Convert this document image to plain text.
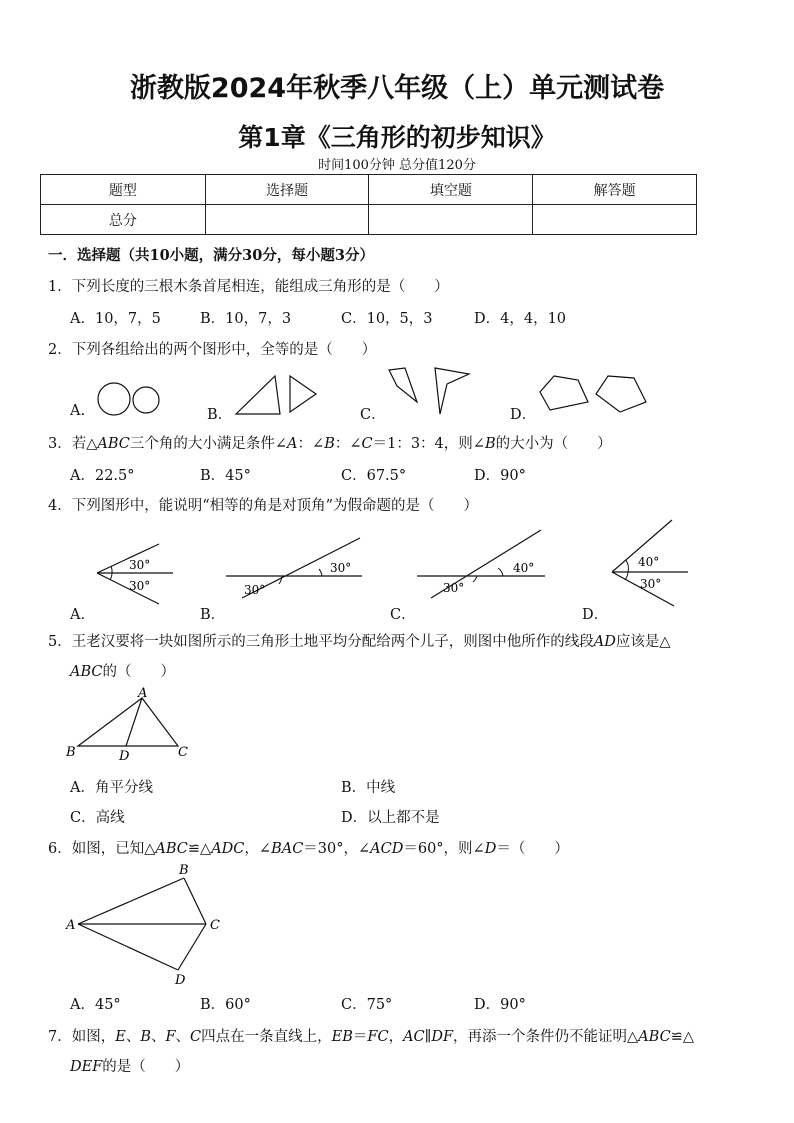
浙教版2024年秋季八年级（上）单元测试卷
第1章《三角形的初步知识》
时间100分钟 总分值120分
题型	选择题	填空题	解答题
总分			
一．选择题（共10小题，满分30分，每小题3分）
1．下列长度的三根木条首尾相连，能组成三角形的是（　　）
A．10，7，5	B．10，7，3	C．10，5，3	D．4，4，10
2．下列各组给出的两个图形中，全等的是（　　）
A.	B．	C．	D．
3．若△ABC三个角的大小满足条件∠A：∠B：∠C＝1：3：4，则∠B的大小为（　　）
A．22.5°	B．45°	C．67.5°	D．90°
4．下列图形中，能说明“相等的角是对顶角”为假命题的是（　　）
A．	B．	C．	D．
30°
30°	30°
30°
30°
40°	40°
30°
5．王老汉要将一块如图所示的三角形土地平均分配给两个儿子，则图中他所作的线段AD应该是△
ABC的（　　）
A
B	C
D
A．角平分线	B．中线
C．高线	D．以上都不是
6．如图，已知△ABC≌△ADC，∠BAC＝30°，∠ACD＝60°，则∠D＝（　　）
A
B
C
D
A．45°	B．60°	C．75°	D．90°
7．如图，E、B、F、C四点在一条直线上，EB＝FC，AC∥DF，再添一个条件仍不能证明△ABC≌△
DEF的是（　　）
